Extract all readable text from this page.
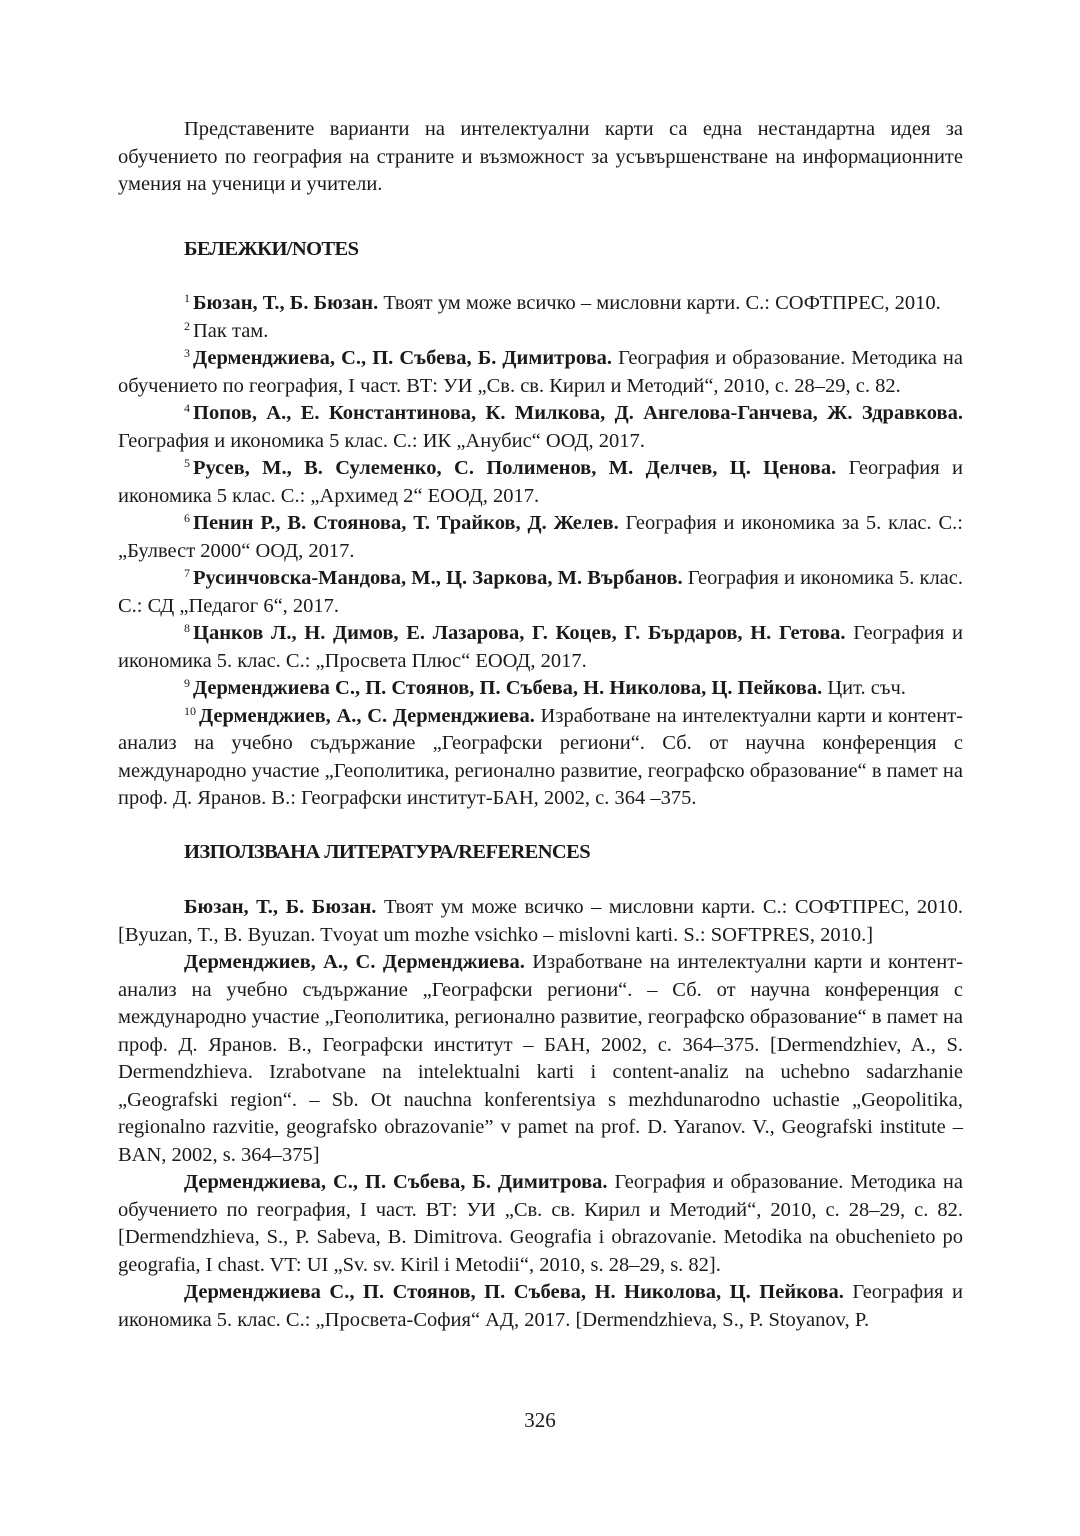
Представените варианти на интелектуални карти са една нестандартна идея за обучението по география на страните и възможност за усъвършенстване на информационните умения на ученици и учители.

БЕЛЕЖКИ/NOTES

$^1$ Бюзан, Т., Б. Бюзан. Твоят ум може всичко – мисловни карти. С.: СОФТПРЕС, 2010.

$^2$ Пак там.

$^3$ Дерменджиева, С., П. Събева, Б. Димитрова. География и образование. Методика на обучението по география, I част. ВТ: УИ „Св. св. Кирил и Методий“, 2010, с. 28–29, с. 82.

$^4$ Попов, А., Е. Константинова, К. Милкова, Д. Ангелова-Ганчева, Ж. Здравкова. География и икономика 5 клас. С.: ИК „Анубис“ ООД, 2017.

$^5$ Русев, М., В. Сулеменко, С. Полименов, М. Делчев, Ц. Ценова. География и икономика 5 клас. С.: „Архимед 2“ ЕООД, 2017.

$^6$ Пенин Р., В. Стоянова, Т. Трайков, Д. Желев. География и икономика за 5. клас. С.: „Булвест 2000“ ООД, 2017.

$^7$ Русинчовска-Мандова, М., Ц. Заркова, М. Върбанов. География и икономика 5. клас. С.: СД „Педагог 6“, 2017.

$^8$ Цанков Л., Н. Димов, Е. Лазарова, Г. Коцев, Г. Бърдаров, Н. Гетова. География и икономика 5. клас. С.: „Просвета Плюс“ ЕООД, 2017.

$^9$ Дерменджиева С., П. Стоянов, П. Събева, Н. Николова, Ц. Пейкова. Цит. съч.

$^{10}$ Дерменджиев, А., С. Дерменджиева. Изработване на интелектуални карти и контент-анализ на учебно съдържание „Географски региони“. Сб. от научна конференция с международно участие „Геополитика, регионално развитие, географско образование“ в памет на проф. Д. Яранов. В.: Географски институт-БАН, 2002, с. 364 –375.

ИЗПОЛЗВАНА ЛИТЕРАТУРА/REFERENCES

Бюзан, Т., Б. Бюзан. Твоят ум може всичко – мисловни карти. С.: СОФТПРЕС, 2010. [Byuzan, T., B. Byuzan. Tvoyat um mozhe vsichko – mislovni karti. S.: SOFTPRES, 2010.]

Дерменджиев, А., С. Дерменджиева. Изработване на интелектуални карти и контент-анализ на учебно съдържание „Географски региони“. – Сб. от научна конференция с международно участие „Геополитика, регионално развитие, географско образование“ в памет на проф. Д. Яранов. В., Географски институт – БАН, 2002, с. 364–375. [Dermendzhiev, A., S. Dermendzhieva. Izrabotvane na intelektualni karti i content-analiz na uchebno sadarzhanie „Geografski region“. – Sb. Ot nauchna konferentsiya s mezhdunarodno uchastie „Geopolitika, regionalno razvitie, geografsko obrazovanie” v pamet na prof. D. Yaranov. V., Geografski institute – BAN, 2002, s. 364–375]

Дерменджиева, С., П. Събева, Б. Димитрова. География и образование. Методика на обучението по география, I част. ВТ: УИ „Св. св. Кирил и Методий“, 2010, с. 28–29, с. 82. [Dermendzhieva, S., P. Sabeva, B. Dimitrova. Geografia i obrazovanie. Metodika na obuchenieto po geografia, I chast. VT: UI „Sv. sv. Kiril i Metodii“, 2010, s. 28–29, s. 82].

Дерменджиева С., П. Стоянов, П. Събева, Н. Николова, Ц. Пейкова. География и икономика 5. клас. С.: „Просвета-София“ АД, 2017. [Dermendzhieva, S., P. Stoyanov, P.

326
